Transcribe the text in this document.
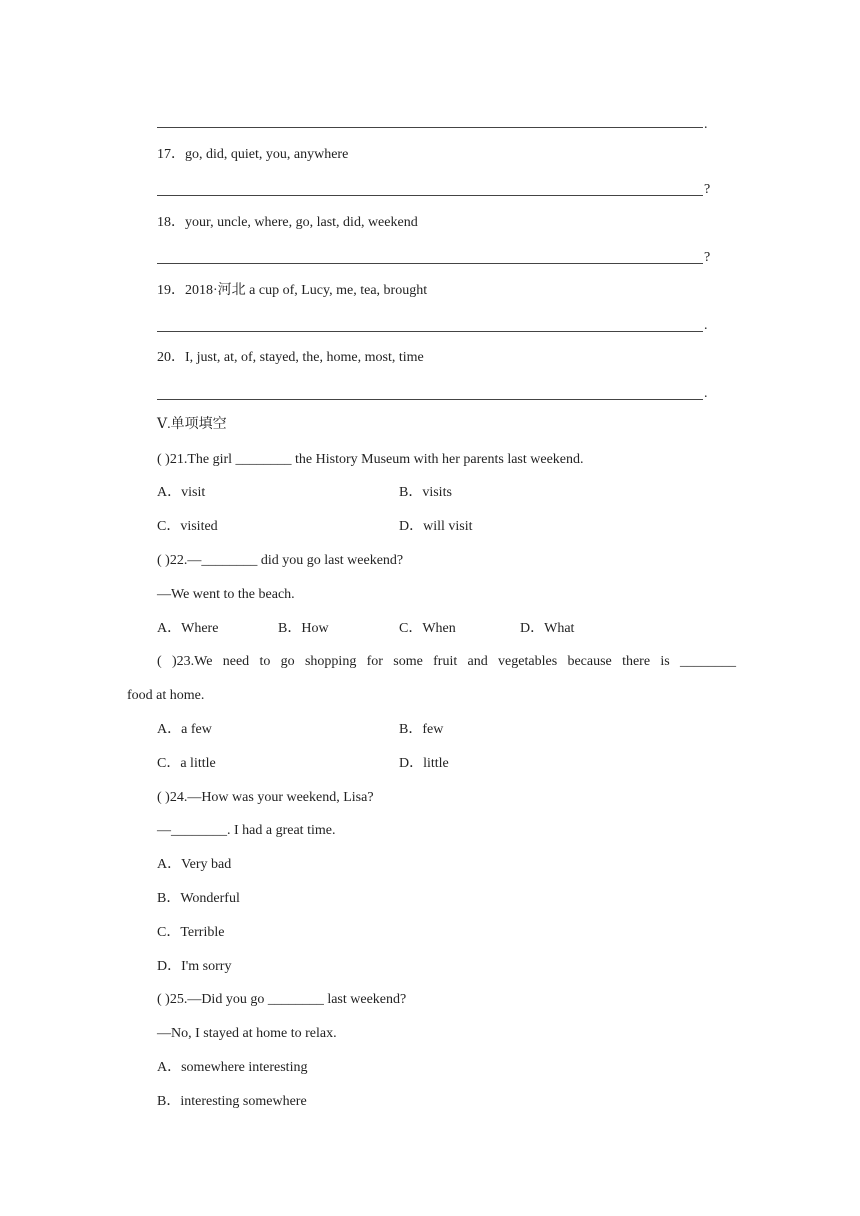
.
17．go, did, quiet, you, anywhere
?
18．your, uncle, where, go, last, did, weekend
?
19．2018·河北 a cup of, Lucy, me, tea, brought
.
20．I, just, at, of, stayed, the, home, most, time
.
Ⅴ.单项填空
( )21.The girl ________ the History Museum with her parents last weekend.
A．visit	B．visits
C．visited	D．will visit
( )22.—________ did you go last weekend?
—We went to the beach.
A．Where	B．How	C．When	D．What
( )23.We need to go shopping for some fruit and vegetables because there is ________
food at home.
A．a few	B．few
C．a little	D．little
( )24.—How was your weekend, Lisa?
—________. I had a great time.
A．Very bad
B．Wonderful
C．Terrible
D．I'm sorry
( )25.—Did you go ________ last weekend?
—No, I stayed at home to relax.
A．somewhere interesting
B．interesting somewhere
